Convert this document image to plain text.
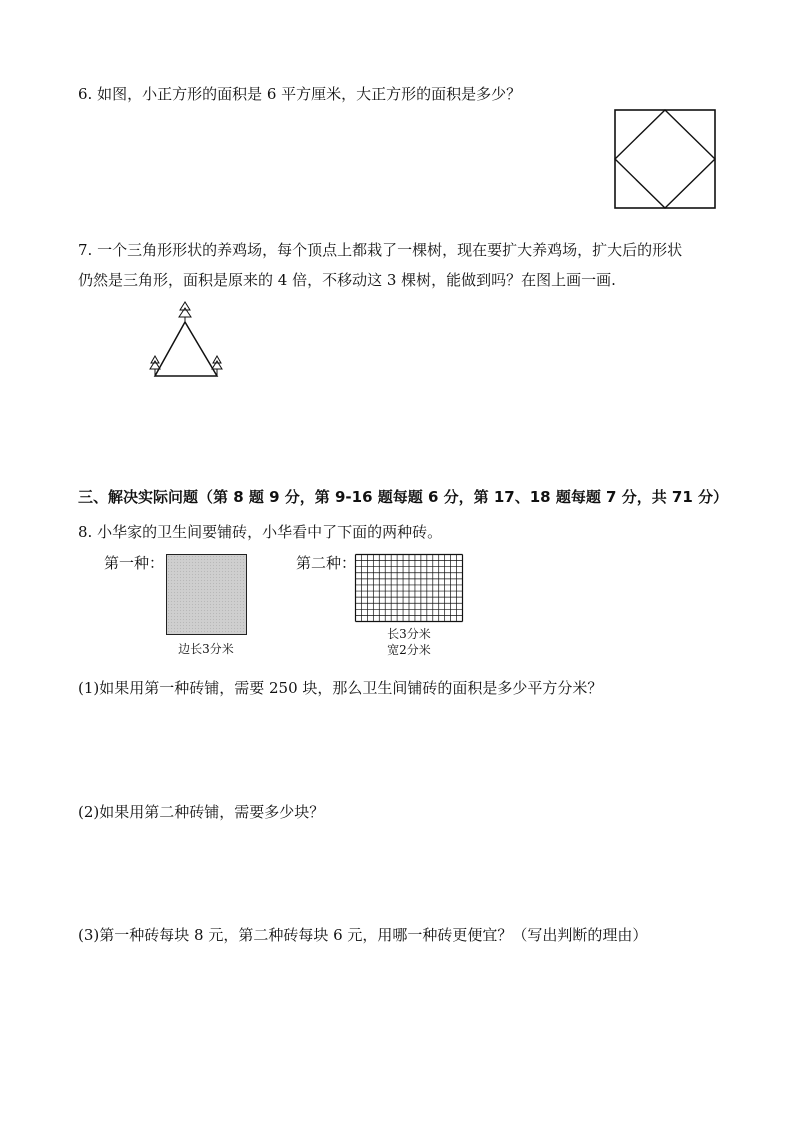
6. 如图，小正方形的面积是 6 平方厘米，大正方形的面积是多少？
7. 一个三角形形状的养鸡场，每个顶点上都栽了一棵树，现在要扩大养鸡场，扩大后的形状
仍然是三角形，面积是原来的 4 倍，不移动这 3 棵树，能做到吗？在图上画一画.
三、解决实际问题（第 8 题 9 分，第 9-16 题每题 6 分，第 17、18 题每题 7 分，共 71 分）
8. 小华家的卫生间要铺砖，小华看中了下面的两种砖。
第一种：
边长3分米
第二种：
长3分米
宽2分米
(1)如果用第一种砖铺，需要 250 块，那么卫生间铺砖的面积是多少平方分米？
(2)如果用第二种砖铺，需要多少块？
(3)第一种砖每块 8 元，第二种砖每块 6 元，用哪一种砖更便宜？（写出判断的理由）
